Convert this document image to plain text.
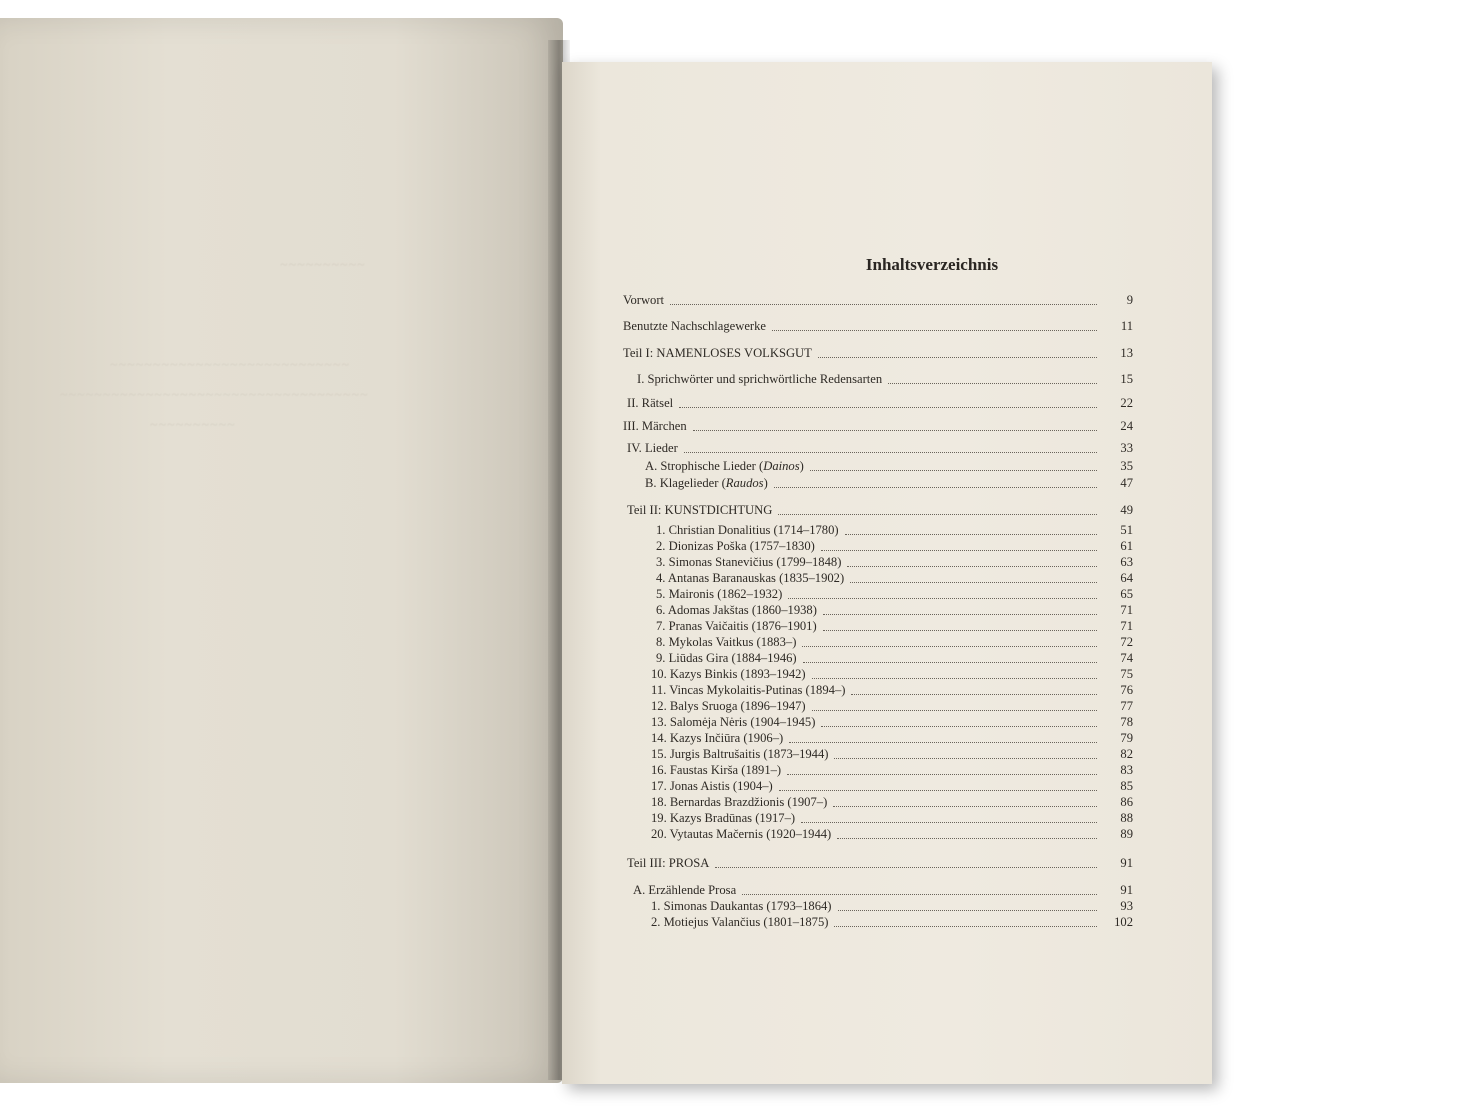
~~~~~~~~~~
~~~~~~~~~~~~~~~~~~~~~~~~~~~~
~~~~~~~~~~~~~~~~~~~~~~~~~~~~~~~~~~~~
~~~~~~~~~~
Inhaltsverzeichnis
Vorwort	9
Benutzte Nachschlagewerke	11
Teil I: NAMENLOSES VOLKSGUT	13
I. Sprichwörter und sprichwörtliche Redensarten	15
II. Rätsel	22
III. Märchen	24
IV. Lieder	33
A. Strophische Lieder (Dainos)	35
B. Klagelieder (Raudos)	47
Teil II: KUNSTDICHTUNG	49
1. Christian Donalitius (1714–1780)	51
2. Dionizas Poška (1757–1830)	61
3. Simonas Stanevičius (1799–1848)	63
4. Antanas Baranauskas (1835–1902)	64
5. Maironis (1862–1932)	65
6. Adomas Jakštas (1860–1938)	71
7. Pranas Vaičaitis (1876–1901)	71
8. Mykolas Vaitkus (1883–)	72
9. Liūdas Gira (1884–1946)	74
10. Kazys Binkis (1893–1942)	75
11. Vincas Mykolaitis-Putinas (1894–)	76
12. Balys Sruoga (1896–1947)	77
13. Salomėja Nėris (1904–1945)	78
14. Kazys Inčiūra (1906–)	79
15. Jurgis Baltrušaitis (1873–1944)	82
16. Faustas Kirša (1891–)	83
17. Jonas Aistis (1904–)	85
18. Bernardas Brazdžionis (1907–)	86
19. Kazys Bradūnas (1917–)	88
20. Vytautas Mačernis (1920–1944)	89
Teil III: PROSA	91
A. Erzählende Prosa	91
1. Simonas Daukantas (1793–1864)	93
2. Motiejus Valančius (1801–1875)	102
